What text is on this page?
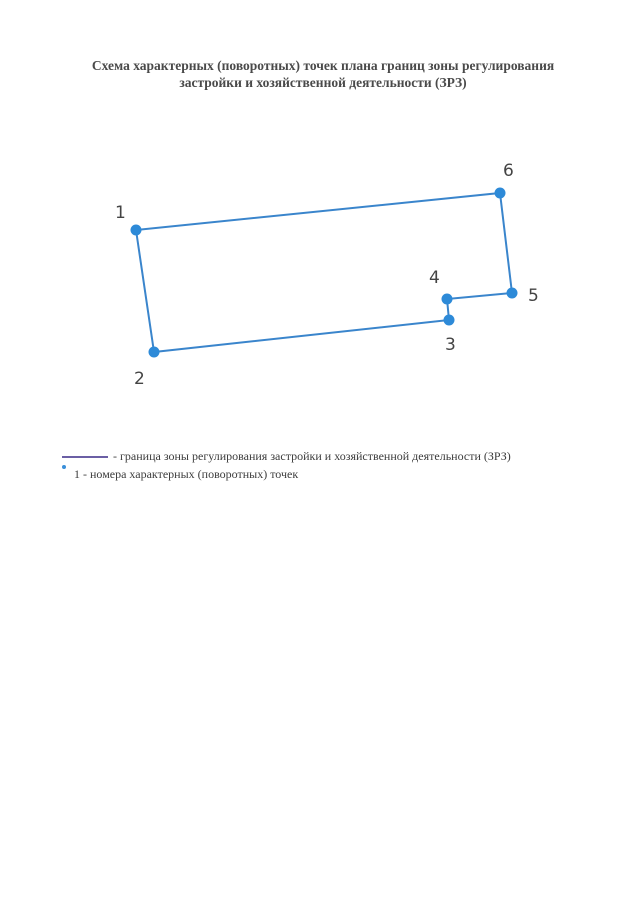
Схема характерных (поворотных) точек плана границ зоны регулирования
застройки и хозяйственной деятельности (ЗРЗ)
1
2
3
4
5
6
- граница зоны регулирования застройки и хозяйственной деятельности (ЗРЗ)
1 - номера характерных (поворотных) точек
